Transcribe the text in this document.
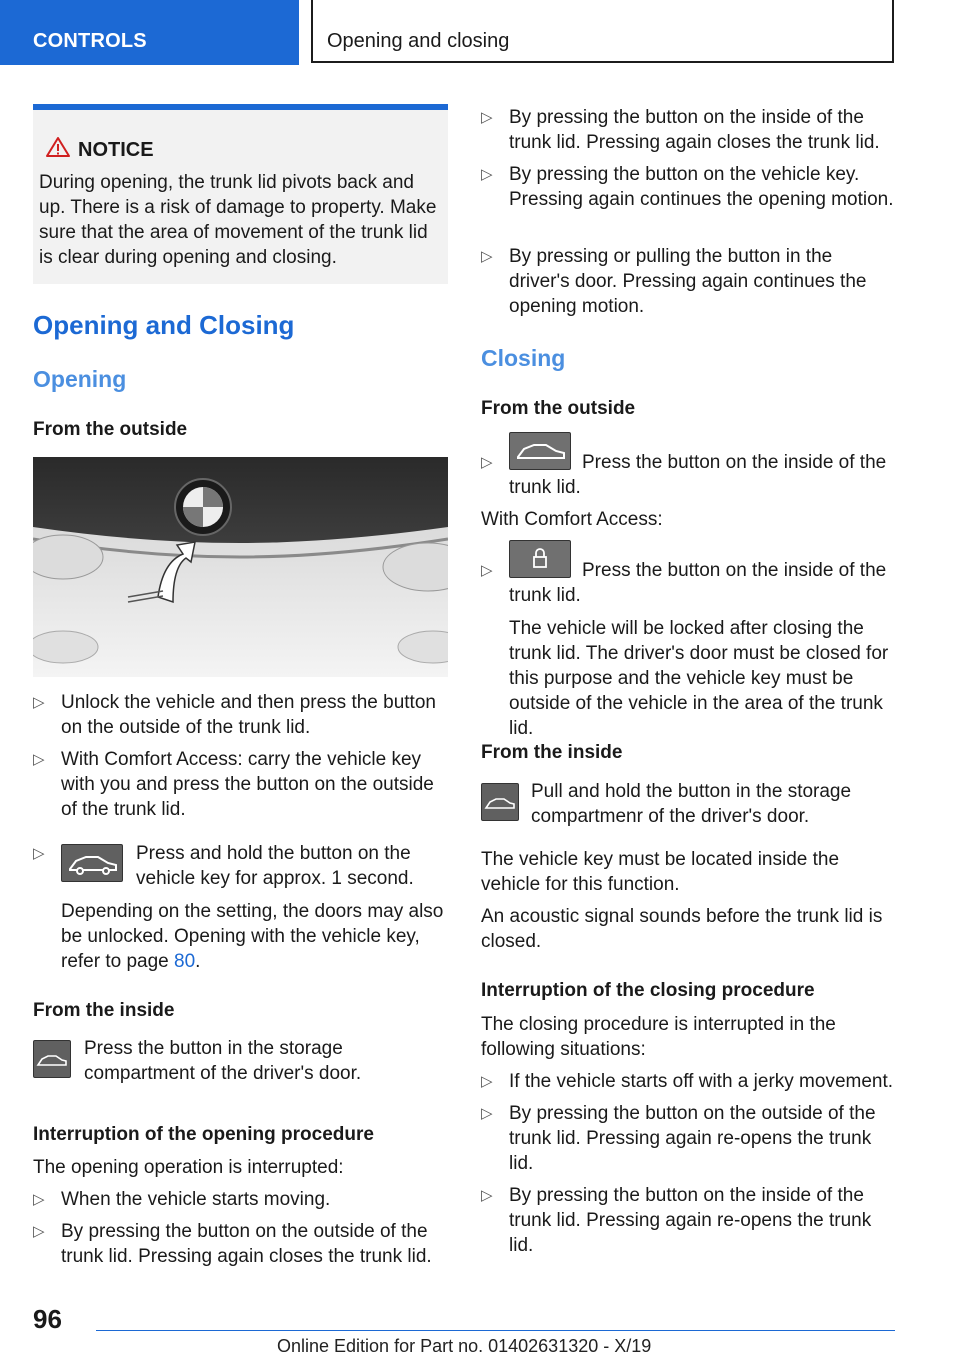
CONTROLS	Opening and closing
NOTICE
During opening, the trunk lid pivots back and up. There is a risk of damage to property. Make sure that the area of movement of the trunk lid is clear during opening and closing.
Opening and Closing
Opening
From the outside
▷ Unlock the vehicle and then press the button on the outside of the trunk lid.
▷ With Comfort Access: carry the vehicle key with you and press the button on the outside of the trunk lid.
▷	Press and hold the button on the vehicle key for approx. 1 second.

Depending on the setting, the doors may also be unlocked. Opening with the vehicle key, refer to page 80.

From the inside

Press the button in the storage compartment of the driver's door.

Interruption of the opening procedure

The opening operation is interrupted:

▷ When the vehicle starts moving.
▷ By pressing the button on the outside of the trunk lid. Pressing again closes the trunk lid.
▷ By pressing the button on the inside of the trunk lid. Pressing again closes the trunk lid.
▷ By pressing the button on the vehicle key. Pressing again continues the opening motion.
▷ By pressing or pulling the button in the driver's door. Pressing again continues the opening motion.
Closing
From the outside
▷	Press the button on the inside of the trunk lid.

With Comfort Access:

▷	Press the button on the inside of the trunk lid.

The vehicle will be locked after closing the trunk lid. The driver's door must be closed for this purpose and the vehicle key must be outside of the vehicle in the area of the trunk lid.

From the inside

Pull and hold the button in the storage compartmenr of the driver's door.

The vehicle key must be located inside the vehicle for this function.

An acoustic signal sounds before the trunk lid is closed.

Interruption of the closing procedure

The closing procedure is interrupted in the following situations:

▷ If the vehicle starts off with a jerky movement.
▷ By pressing the button on the outside of the trunk lid. Pressing again re-opens the trunk lid.
▷ By pressing the button on the inside of the trunk lid. Pressing again re-opens the trunk lid.
96
Online Edition for Part no. 01402631320 - X/19
